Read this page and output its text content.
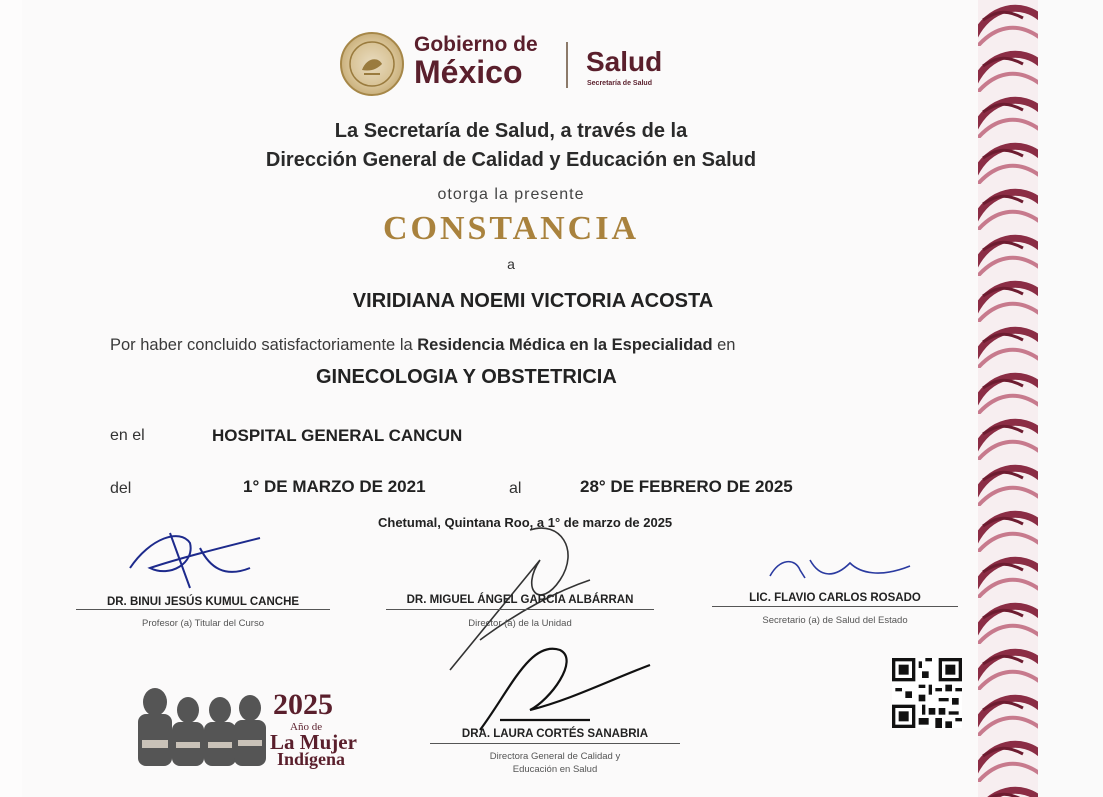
Gobierno de
México	Salud
Secretaría de Salud
La Secretaría de Salud, a través de la
Dirección General de Calidad y Educación en Salud
otorga la presente
CONSTANCIA
a
VIRIDIANA NOEMI VICTORIA ACOSTA
Por haber concluido satisfactoriamente la Residencia Médica en la Especialidad en
GINECOLOGIA Y OBSTETRICIA
en el	HOSPITAL GENERAL CANCUN
del	1° DE MARZO DE 2021	al	28° DE FEBRERO DE 2025
Chetumal, Quintana Roo, a 1° de marzo de 2025
DR. BINUI JESÚS KUMUL CANCHE
Profesor (a) Titular del Curso
DR. MIGUEL ÁNGEL GARCÍA ALBÁRRAN
Director (a) de la Unidad
LIC. FLAVIO CARLOS ROSADO
Secretario (a) de Salud del Estado
DRA. LAURA CORTÉS SANABRIA
Directora General de Calidad y
Educación en Salud
2025
Año de
La Mujer
Indígena
